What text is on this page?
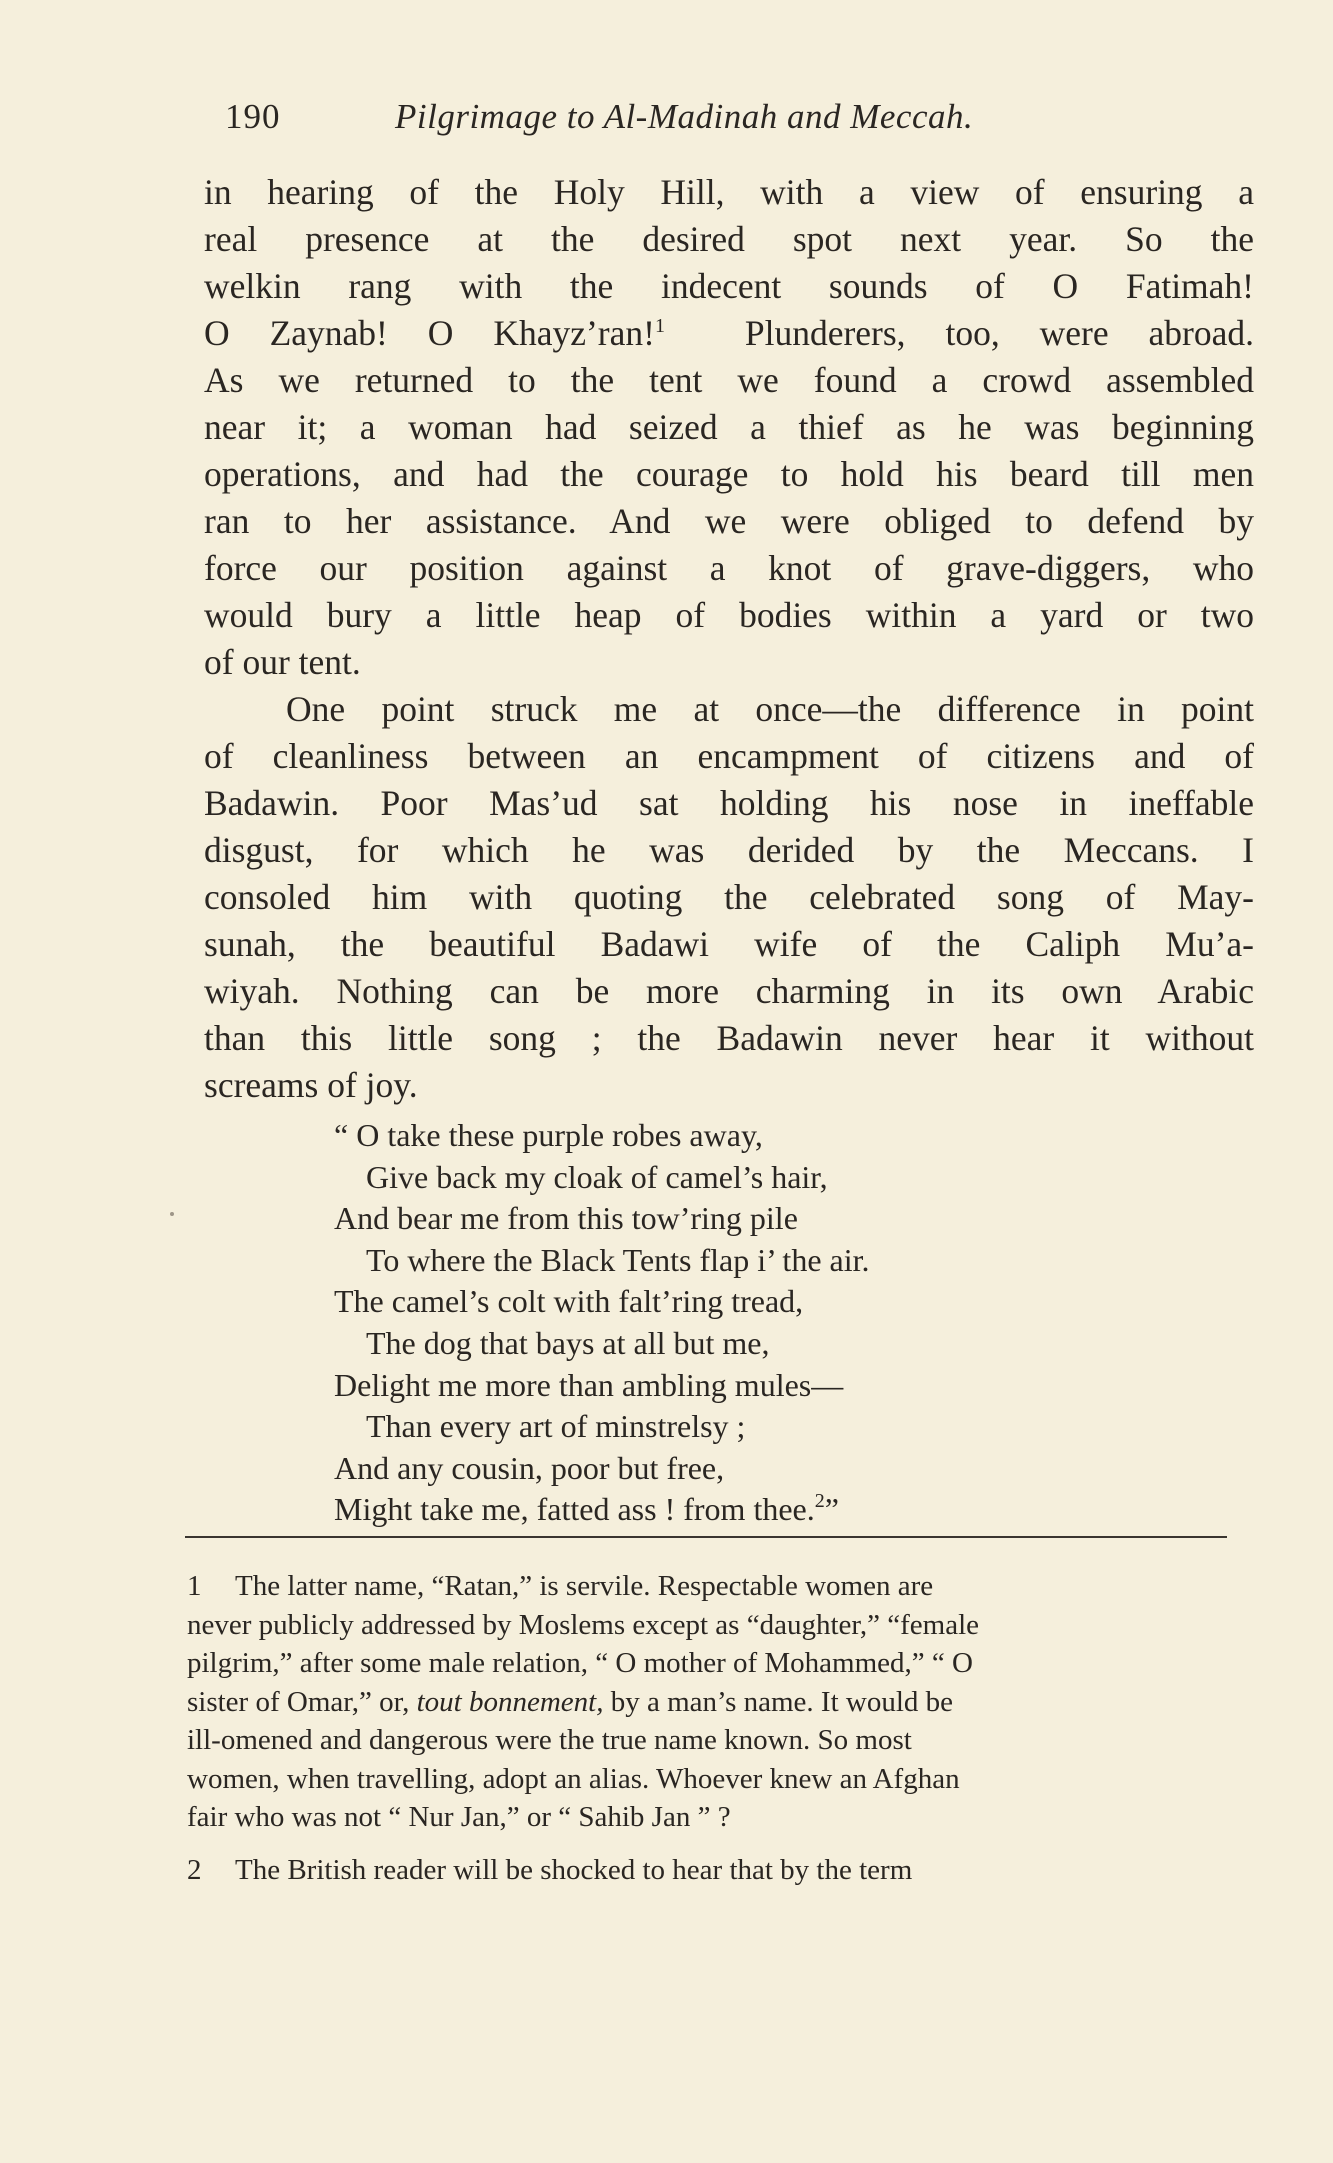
190	Pilgrimage to Al-Madinah and Meccah.
in hearing of the Holy Hill, with a view of ensuring a
real presence at the desired spot next year. So the
welkin rang with the indecent sounds of O Fatimah!
O Zaynab! O Khayz’ran!$^1$ Plunderers, too, were abroad.
As we returned to the tent we found a crowd assembled
near it; a woman had seized a thief as he was beginning
operations, and had the courage to hold his beard till men
ran to her assistance. And we were obliged to defend by
force our position against a knot of grave-diggers, who
would bury a little heap of bodies within a yard or two
of our tent.
One point struck me at once—the difference in point
of cleanliness between an encampment of citizens and of
Badawin. Poor Mas’ud sat holding his nose in ineffable
disgust, for which he was derided by the Meccans. I
consoled him with quoting the celebrated song of May-
sunah, the beautiful Badawi wife of the Caliph Mu’a-
wiyah. Nothing can be more charming in its own Arabic
than this little song ; the Badawin never hear it without
screams of joy.
“ O take these purple robes away,
Give back my cloak of camel’s hair,
And bear me from this tow’ring pile
To where the Black Tents flap i’ the air.
The camel’s colt with falt’ring tread,
The dog that bays at all but me,
Delight me more than ambling mules—
Than every art of minstrelsy ;
And any cousin, poor but free,
Might take me, fatted ass ! from thee.$^2$”
1 The latter name, “Ratan,” is servile. Respectable women are
never publicly addressed by Moslems except as “daughter,” “female
pilgrim,” after some male relation, “ O mother of Mohammed,” “ O
sister of Omar,” or, tout bonnement, by a man’s name. It would be
ill-omened and dangerous were the true name known. So most
women, when travelling, adopt an alias. Whoever knew an Afghan
fair who was not “ Nur Jan,” or “ Sahib Jan ” ?
2 The British reader will be shocked to hear that by the term
